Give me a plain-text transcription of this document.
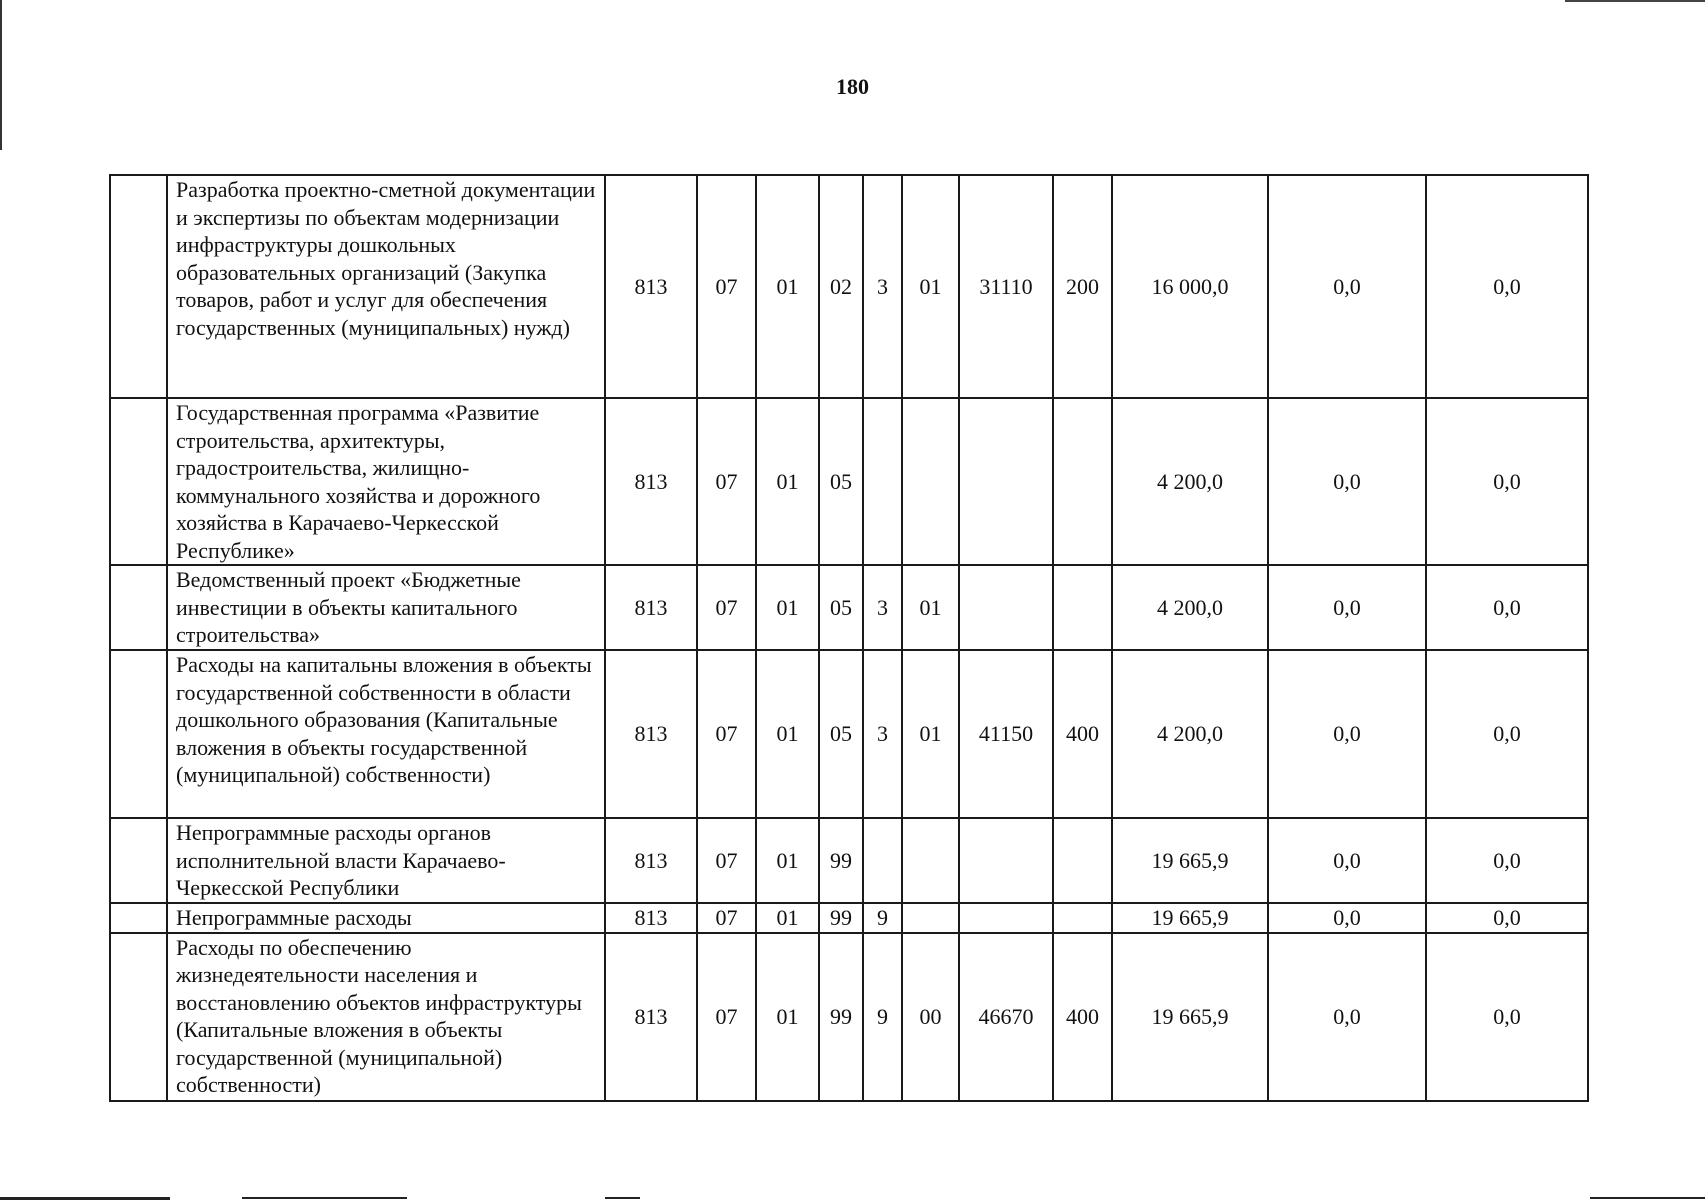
180
	Разработка проектно-сметной документации и экспертизы по объектам модернизации инфраструктуры дошкольных образовательных организаций (Закупка товаров, работ и услуг для обеспечения государственных (муниципальных) нужд)	813	07	01	02	3	01	31110	200	16 000,0	0,0	0,0
	Государственная программа «Развитие строительства, архитектуры, градостроительства, жилищно-коммунального хозяйства и дорожного хозяйства в Карачаево-Черкесской Республике»	813	07	01	05					4 200,0	0,0	0,0
	Ведомственный проект «Бюджетные инвестиции в объекты капитального строительства»	813	07	01	05	3	01			4 200,0	0,0	0,0
	Расходы на капитальны вложения в объекты государственной собственности в области дошкольного образования (Капитальные вложения в объекты государственной (муниципальной) собственности)	813	07	01	05	3	01	41150	400	4 200,0	0,0	0,0
	Непрограммные расходы органов исполнительной власти Карачаево-Черкесской Республики	813	07	01	99					19 665,9	0,0	0,0
	Непрограммные расходы	813	07	01	99	9				19 665,9	0,0	0,0
	Расходы по обеспечению жизнедеятельности населения и восстановлению объектов инфраструктуры (Капитальные вложения в объекты государственной (муниципальной) собственности)	813	07	01	99	9	00	46670	400	19 665,9	0,0	0,0
